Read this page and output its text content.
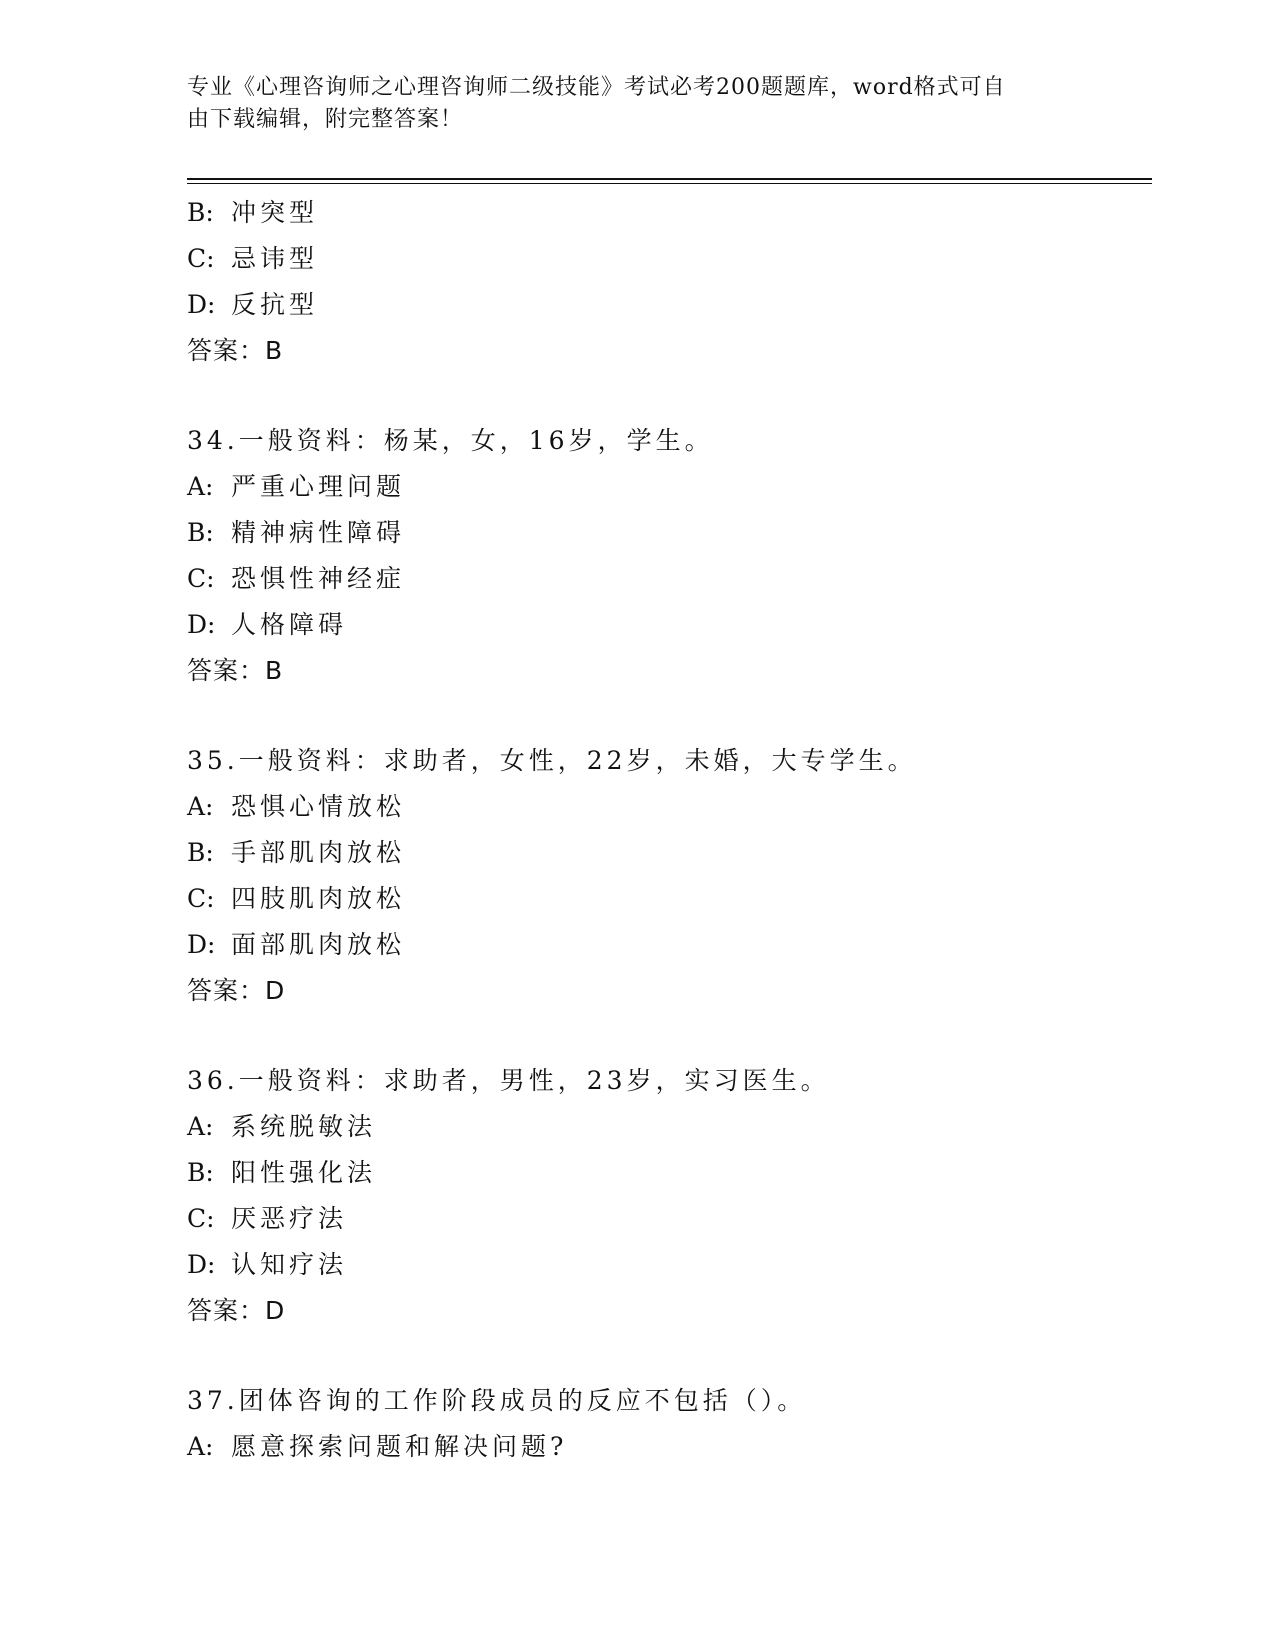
专业《心理咨询师之心理咨询师二级技能》考试必考200题题库，word格式可自
由下载编辑，附完整答案！
B: 冲突型
C: 忌讳型
D: 反抗型
答案：B
34.一般资料：杨某，女，16岁，学生。
A: 严重心理问题
B: 精神病性障碍
C: 恐惧性神经症
D: 人格障碍
答案：B
35.一般资料：求助者，女性，22岁，未婚，大专学生。
A: 恐惧心情放松
B: 手部肌肉放松
C: 四肢肌肉放松
D: 面部肌肉放松
答案：D
36.一般资料：求助者，男性，23岁，实习医生。
A: 系统脱敏法
B: 阳性强化法
C: 厌恶疗法
D: 认知疗法
答案：D
37.团体咨询的工作阶段成员的反应不包括（）。
A: 愿意探索问题和解决问题?
